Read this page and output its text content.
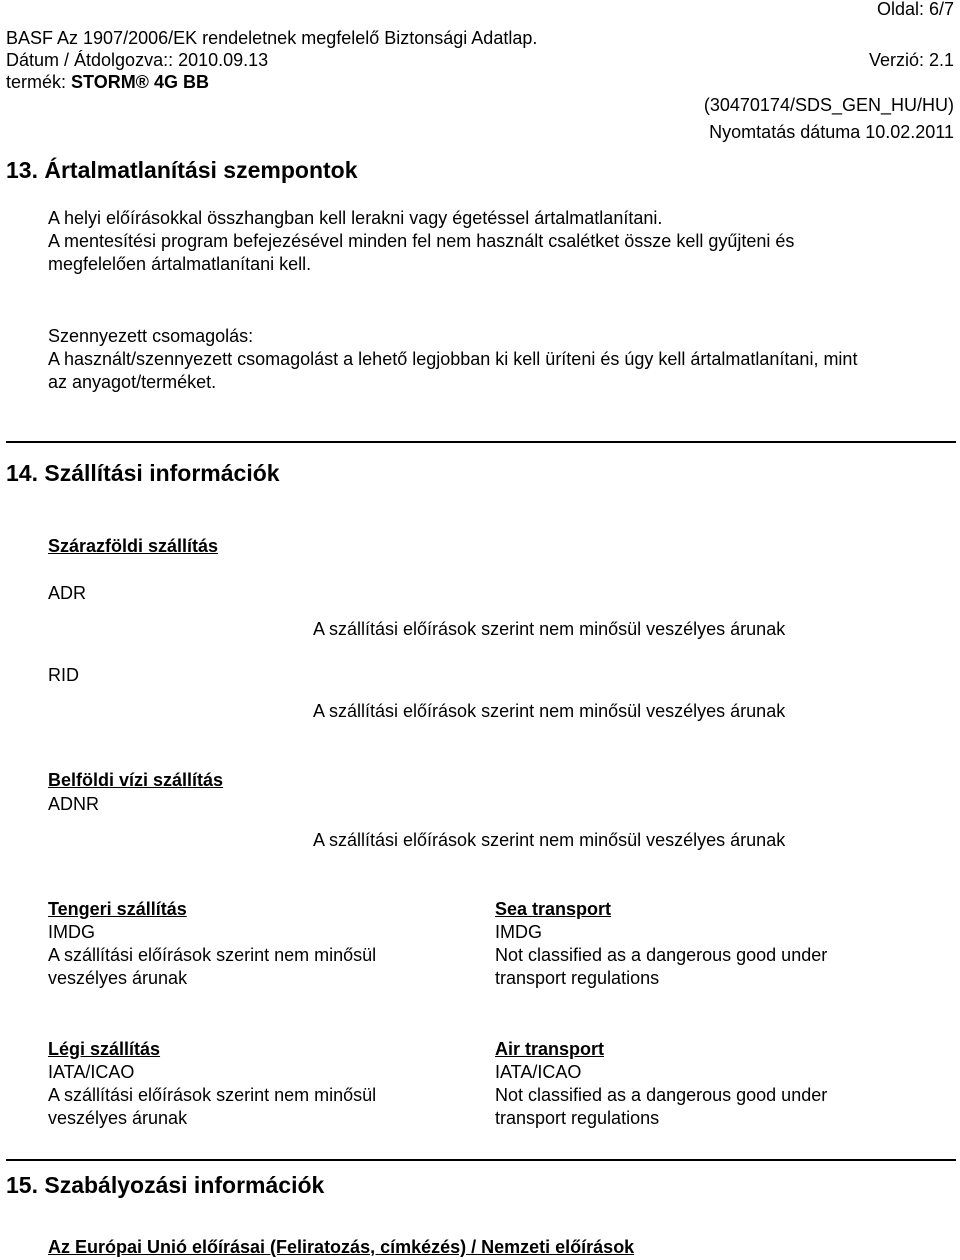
Oldal: 6/7
BASF Az 1907/2006/EK rendeletnek megfelelő Biztonsági Adatlap.
Dátum / Átdolgozva:: 2010.09.13	Verzió: 2.1
termék: STORM® 4G BB
(30470174/SDS_GEN_HU/HU)
Nyomtatás dátuma 10.02.2011
13. Ártalmatlanítási szempontok
A helyi előírásokkal összhangban kell lerakni vagy égetéssel ártalmatlanítani.
A mentesítési program befejezésével minden fel nem használt csalétket össze kell gyűjteni és
megfelelően ártalmatlanítani kell.
Szennyezett csomagolás:
A használt/szennyezett csomagolást a lehető legjobban ki kell üríteni és úgy kell ártalmatlanítani, mint
az anyagot/terméket.
14. Szállítási információk
Szárazföldi szállítás
ADR
A szállítási előírások szerint nem minősül veszélyes árunak
RID
A szállítási előírások szerint nem minősül veszélyes árunak
Belföldi vízi szállítás
ADNR
A szállítási előírások szerint nem minősül veszélyes árunak
Tengeri szállítás
IMDG
A szállítási előírások szerint nem minősül
veszélyes árunak
Sea transport
IMDG
Not classified as a dangerous good under
transport regulations
Légi szállítás
IATA/ICAO
A szállítási előírások szerint nem minősül
veszélyes árunak
Air transport
IATA/ICAO
Not classified as a dangerous good under
transport regulations
15. Szabályozási információk
Az Európai Unió előírásai (Feliratozás, címkézés) / Nemzeti előírások
